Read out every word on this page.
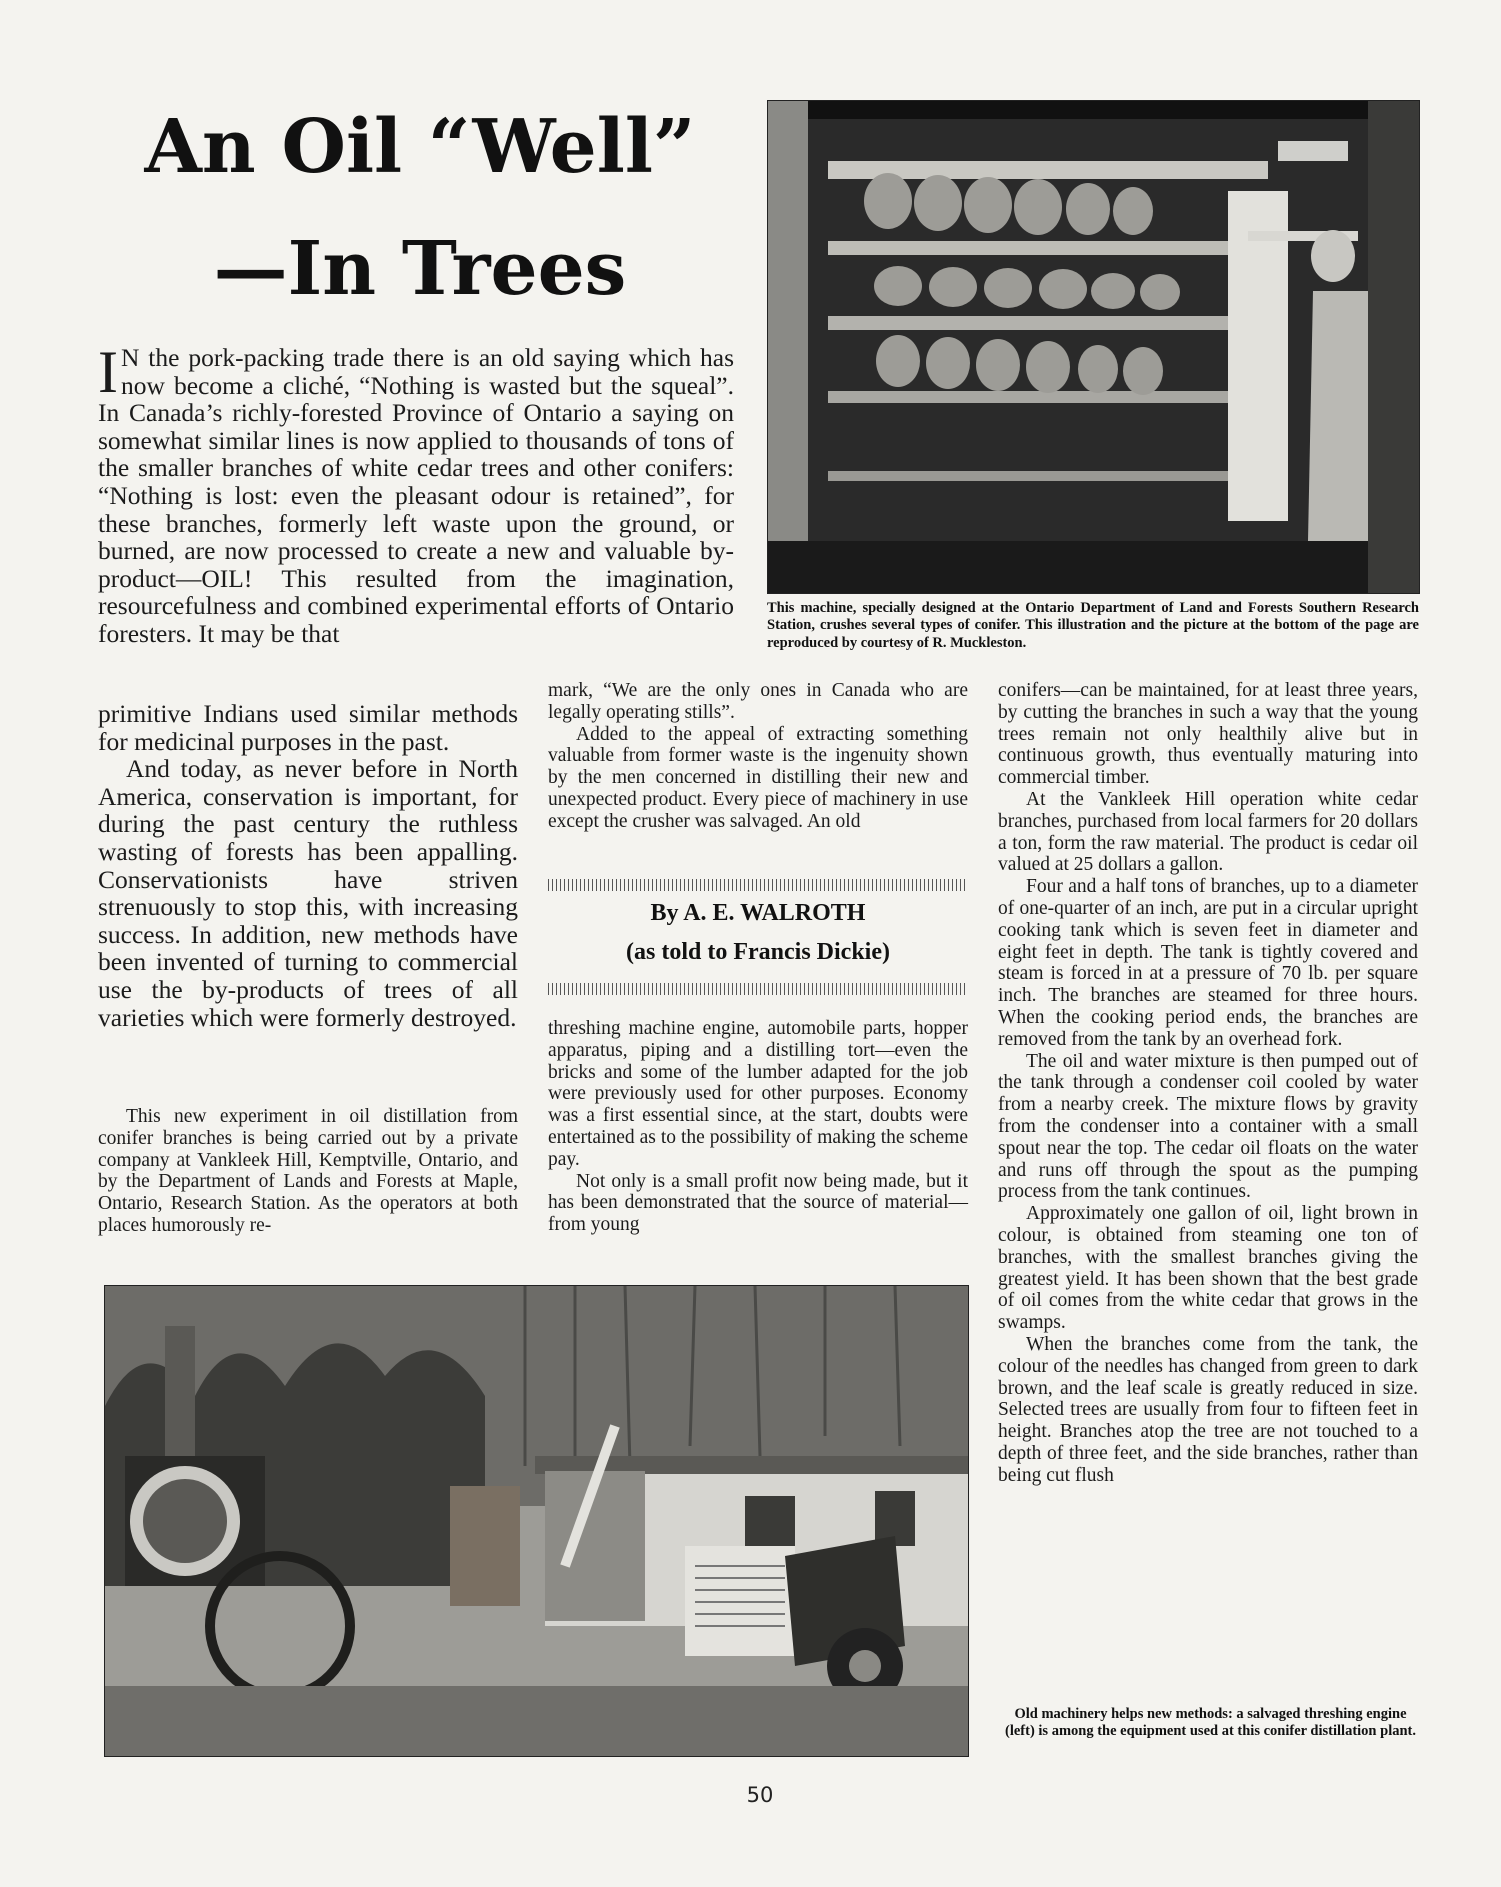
An Oil “Well”
—In Trees
This machine, specially designed at the Ontario Department of Land and Forests Southern Research Station, crushes several types of conifer. This illustration and the picture at the bottom of the page are reproduced by courtesy of R. Muckleston.

I N the pork-packing trade there is an old saying which has now become a cliché, “Nothing is wasted but the squeal”. In Canada’s richly-forested Province of Ontario a saying on somewhat similar lines is now applied to thousands of tons of the smaller branches of white cedar trees and other conifers: “Nothing is lost: even the pleasant odour is retained”, for these branches, formerly left waste upon the ground, or burned, are now processed to create a new and valuable by-product—OIL! This resulted from the imagination, resourcefulness and combined experimental efforts of Ontario foresters. It may be that

primitive Indians used similar methods for medicinal purposes in the past.

And today, as never before in North America, conservation is important, for during the past century the ruthless wasting of forests has been appalling. Conservationists have striven strenuously to stop this, with increasing success. In addition, new methods have been invented of turning to commercial use the by-products of trees of all varieties which were formerly destroyed.

This new experiment in oil distillation from conifer branches is being carried out by a private company at Vankleek Hill, Kemptville, Ontario, and by the Department of Lands and Forests at Maple, Ontario, Research Station. As the operators at both places humorously re-

mark, “We are the only ones in Canada who are legally operating stills”.

Added to the appeal of extracting something valuable from former waste is the ingenuity shown by the men concerned in distilling their new and unexpected product. Every piece of machinery in use except the crusher was salvaged. An old

By A. E. WALROTH
(as told to Francis Dickie)

threshing machine engine, automobile parts, hopper apparatus, piping and a distilling tort—even the bricks and some of the lumber adapted for the job were previously used for other purposes. Economy was a first essential since, at the start, doubts were entertained as to the possibility of making the scheme pay.

Not only is a small profit now being made, but it has been demonstrated that the source of material—from young

conifers—can be maintained, for at least three years, by cutting the branches in such a way that the young trees remain not only healthily alive but in continuous growth, thus eventually maturing into commercial timber.

At the Vankleek Hill operation white cedar branches, purchased from local farmers for 20 dollars a ton, form the raw material. The product is cedar oil valued at 25 dollars a gallon.

Four and a half tons of branches, up to a diameter of one-quarter of an inch, are put in a circular upright cooking tank which is seven feet in diameter and eight feet in depth. The tank is tightly covered and steam is forced in at a pressure of 70 lb. per square inch. The branches are steamed for three hours. When the cooking period ends, the branches are removed from the tank by an overhead fork.

The oil and water mixture is then pumped out of the tank through a condenser coil cooled by water from a nearby creek. The mixture flows by gravity from the condenser into a container with a small spout near the top. The cedar oil floats on the water and runs off through the spout as the pumping process from the tank continues.

Approximately one gallon of oil, light brown in colour, is obtained from steaming one ton of branches, with the smallest branches giving the greatest yield. It has been shown that the best grade of oil comes from the white cedar that grows in the swamps.

When the branches come from the tank, the colour of the needles has changed from green to dark brown, and the leaf scale is greatly reduced in size. Selected trees are usually from four to fifteen feet in height. Branches atop the tree are not touched to a depth of three feet, and the side branches, rather than being cut flush

Old machinery helps new methods: a salvaged threshing engine (left) is among the equipment used at this conifer distillation plant.
50
